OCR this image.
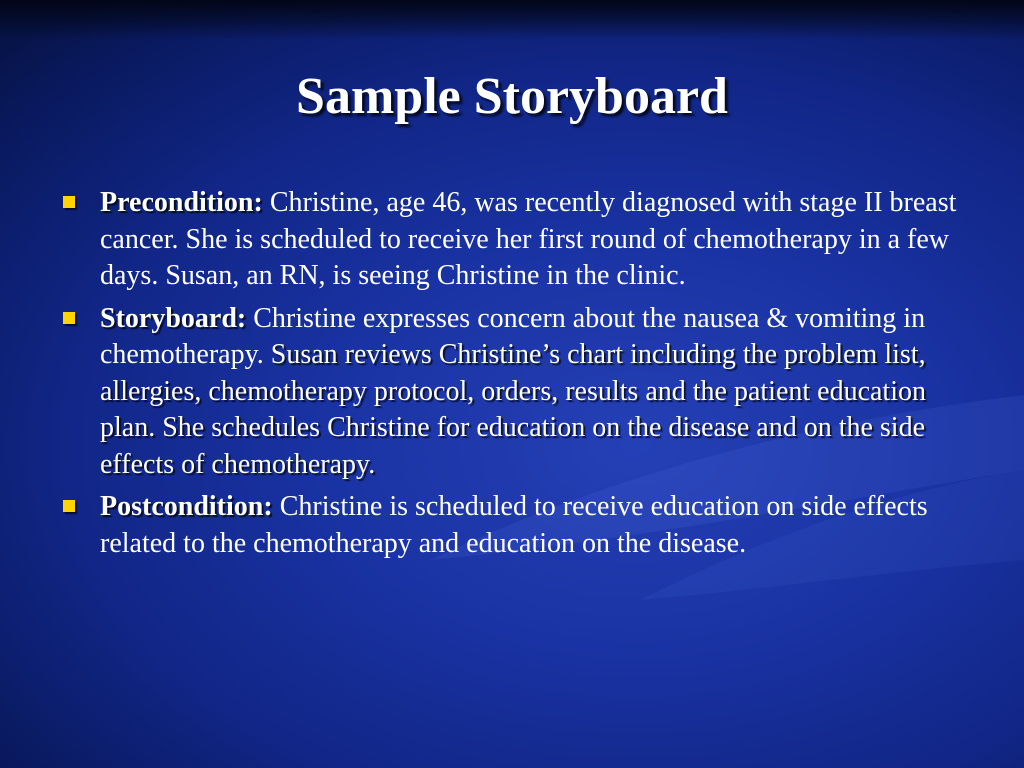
Sample Storyboard
Precondition: Christine, age 46, was recently diagnosed with stage II breast cancer. She is scheduled to receive her first round of chemotherapy in a few days. Susan, an RN, is seeing Christine in the clinic.
Storyboard: Christine expresses concern about the nausea & vomiting in chemotherapy. Susan reviews Christine’s chart including the problem list, allergies, chemotherapy protocol, orders, results and the patient education plan. She schedules Christine for education on the disease and on the side effects of chemotherapy.
Postcondition: Christine is scheduled to receive education on side effects related to the chemotherapy and education on the disease.
